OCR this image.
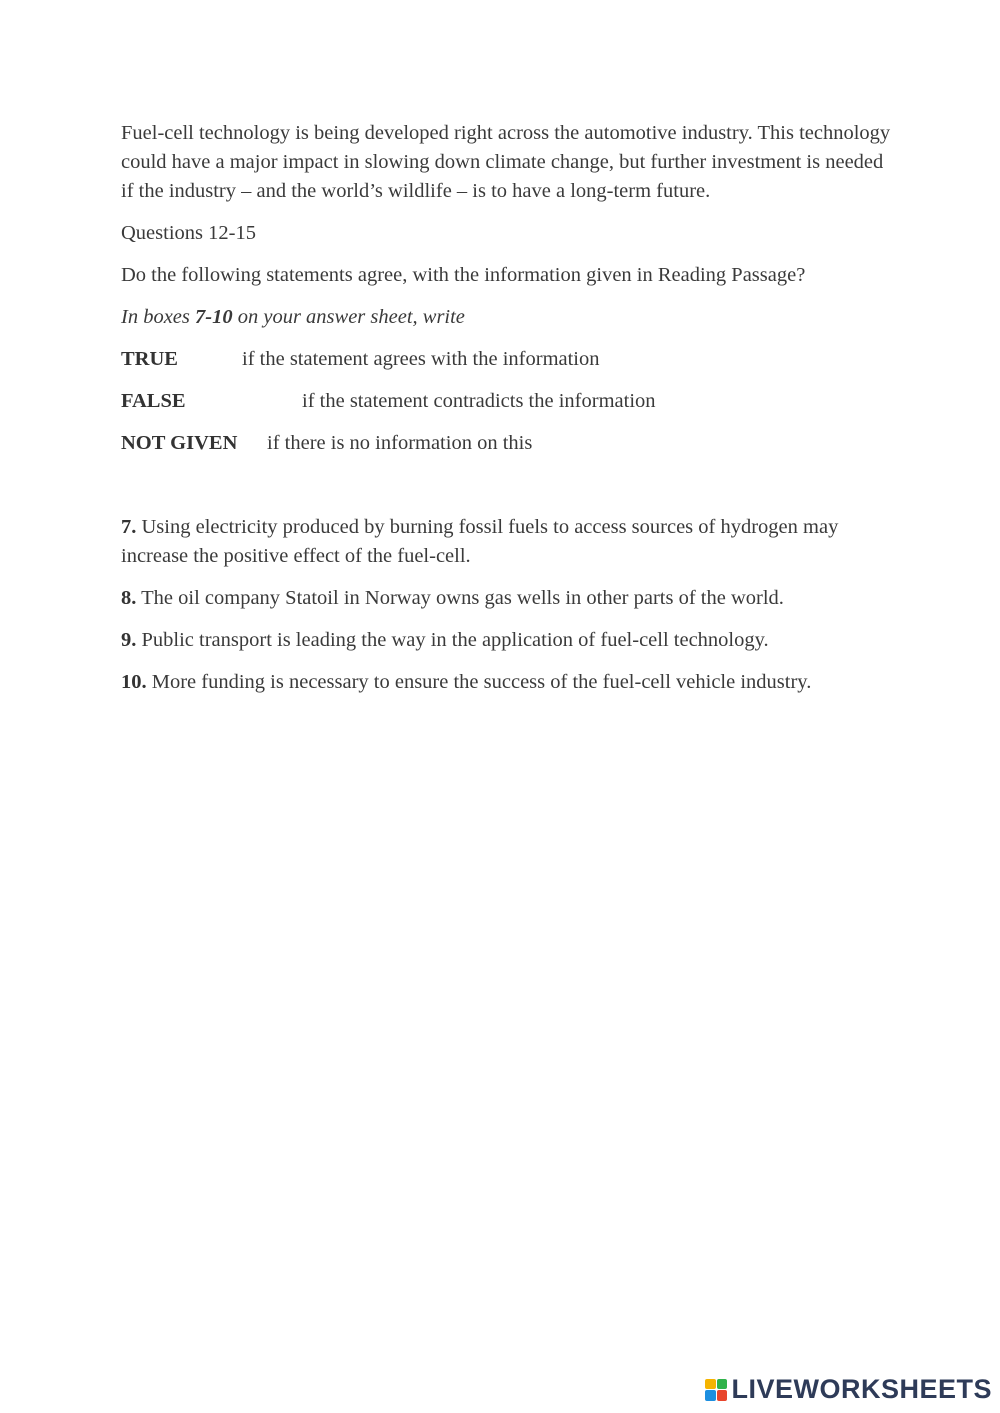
Fuel-cell technology is being developed right across the automotive industry. This technology could have a major impact in slowing down climate change, but further investment is needed if the industry – and the world’s wildlife – is to have a long-term future.

Questions 12-15

Do the following statements agree, with the information given in Reading Passage?

In boxes 7-10 on your answer sheet, write

TRUE	if the statement agrees with the information
FALSE	if the statement contradicts the information
NOT GIVEN if there is no information on this

7. Using electricity produced by burning fossil fuels to access sources of hydrogen may increase the positive effect of the fuel-cell.

8. The oil company Statoil in Norway owns gas wells in other parts of the world.

9. Public transport is leading the way in the application of fuel-cell technology.

10. More funding is necessary to ensure the success of the fuel-cell vehicle industry.

LIVEWORKSHEETS
